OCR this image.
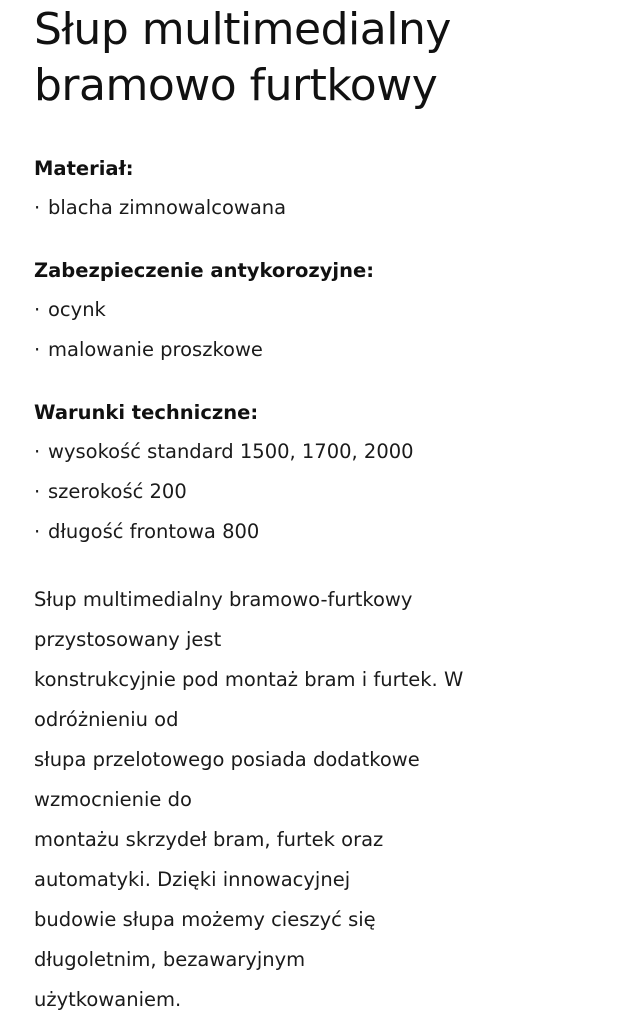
Słup multimedialny
bramowo furtkowy
Materiał:
· blacha zimnowalcowana
Zabezpieczenie antykorozyjne:
· ocynk
· malowanie proszkowe
Warunki techniczne:
· wysokość standard 1500, 1700, 2000
· szerokość 200
· długość frontowa 800
Słup multimedialny bramowo-furtkowy
przystosowany jest
konstrukcyjnie pod montaż bram i furtek. W
odróżnieniu od
słupa przelotowego posiada dodatkowe
wzmocnienie do
montażu skrzydeł bram, furtek oraz
automatyki. Dzięki innowacyjnej
budowie słupa możemy cieszyć się
długoletnim, bezawaryjnym
użytkowaniem.
